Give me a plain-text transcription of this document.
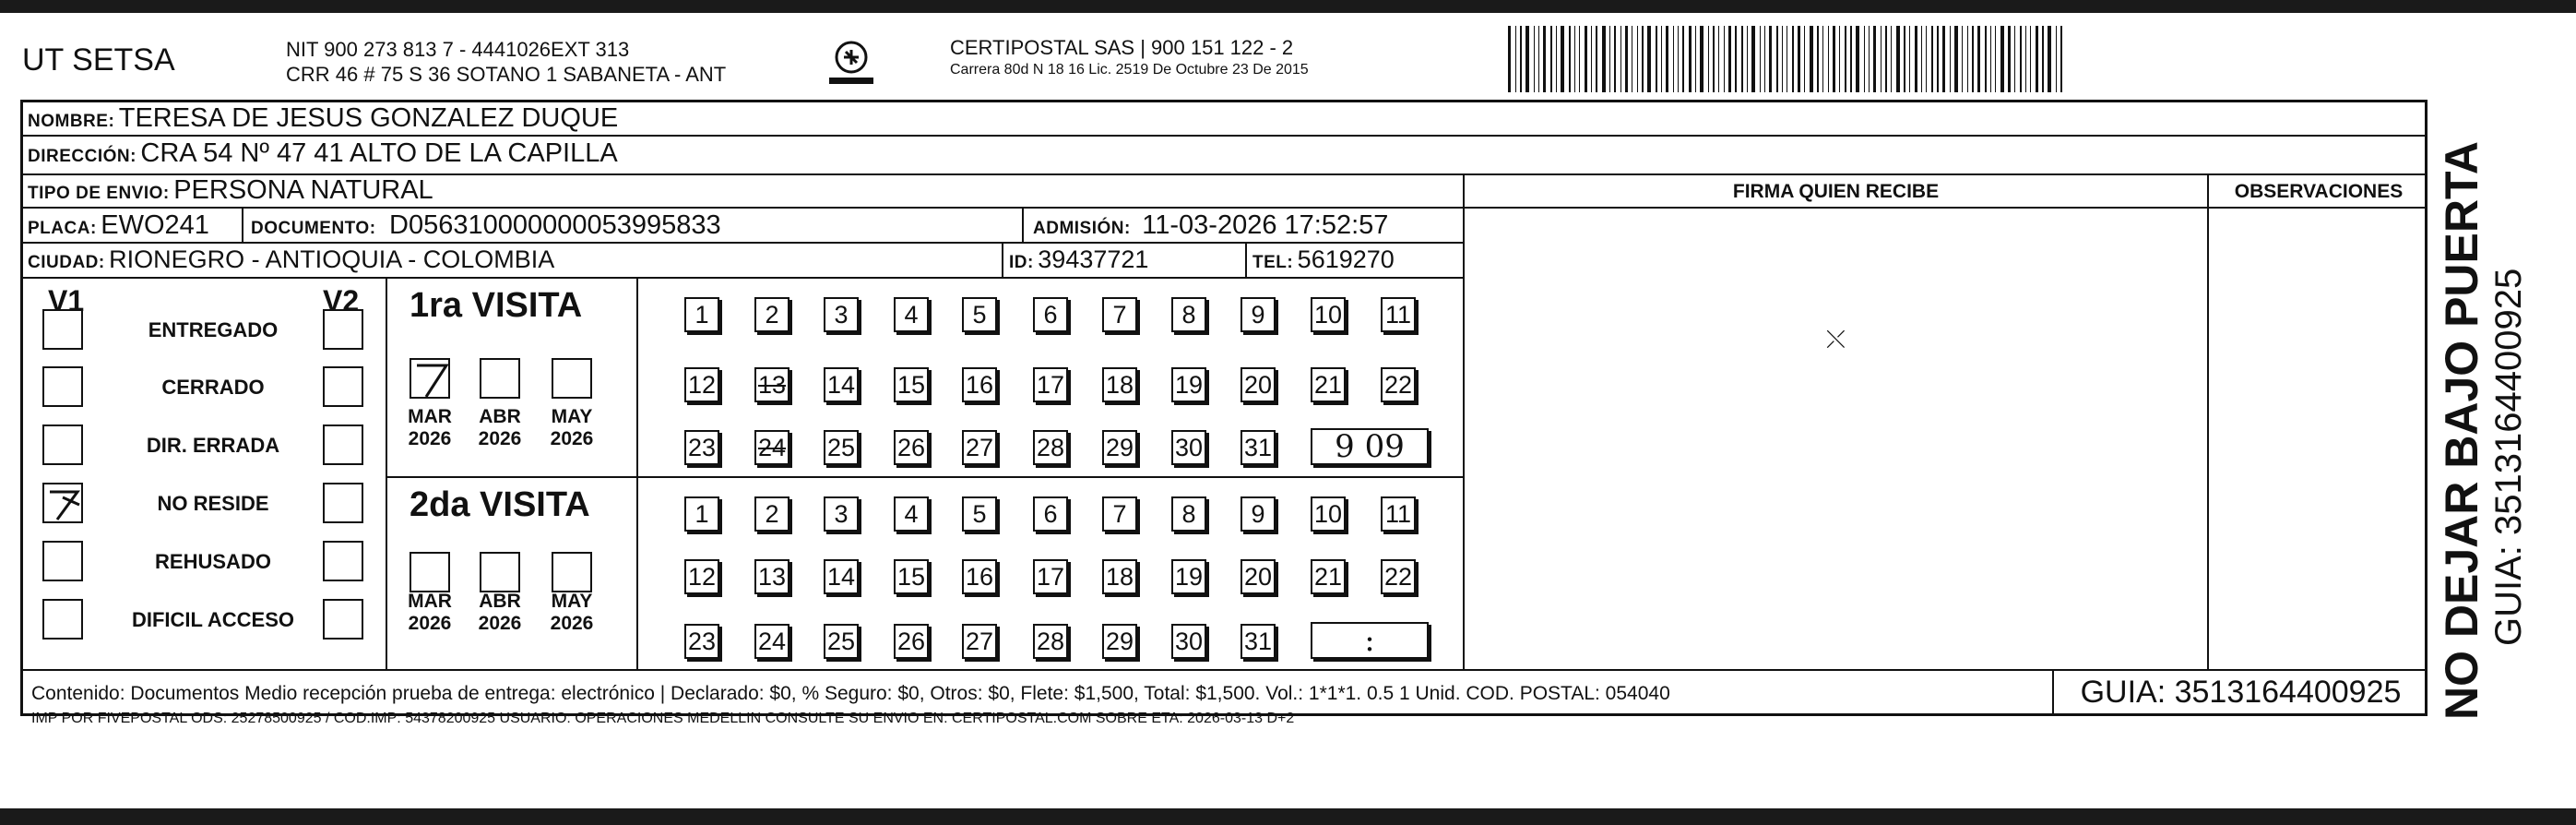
UT SETSA	NIT 900 273 813 7 - 4441026EXT 313
CRR 46 # 75 S 36 SOTANO 1 SABANETA - ANT
CERTIPOSTAL SAS | 900 151 122 - 2
Carrera 80d N 18 16 Lic. 2519 De Octubre 23 De 2015
NOMBRE: TERESA DE JESUS GONZALEZ DUQUE
DIRECCIÓN: CRA 54 Nº 47 41 ALTO DE LA CAPILLA
TIPO DE ENVIO: PERSONA NATURAL	FIRMA QUIEN RECIBE	OBSERVACIONES
PLACA: EWO241 DOCUMENTO: D056310000000053995833	ADMISIÓN: 11-03-2026 17:52:57
CIUDAD: RIONEGRO - ANTIOQUIA - COLOMBIA	ID: 39437721	TEL: 5619270
⤬
V1	V2
ENTREGADO
CERRADO
DIR. ERRADA
NO RESIDE
REHUSADO
DIFICIL ACCESO
1ra VISITA
MAR
2026
ABR
2026
MAY
2026
1	2	3	4	5	6	7	8	9	10 11
12 13 14 15 16 17 18 19 20 21 22
23 24 25 26 27 28 29 30 31	9 09
2da VISITA
MAR
2026
ABR
2026
MAY
2026
1	2	3	4	5	6	7	8	9	10 11
12 13 14 15 16 17 18 19 20 21 22
23 24 25 26 27 28 29 30 31	:
Contenido: Documentos Medio recepción prueba de entrega: electrónico | Declarado: $0, % Seguro: $0, Otros: $0, Flete: $1,500, Total: $1,500. Vol.: 1*1*1. 0.5 1 Unid. COD. POSTAL: 054040
IMP POR FIVEPOSTAL ODS: 25278500925 / COD.IMP: 54378200925 USUARIO: OPERACIONES MEDELLIN CONSULTE SU ENVIO EN: CERTIPOSTAL.COM SOBRE ETA: 2026-03-13 D+2
GUIA: 3513164400925 NO DEJAR BAJO PUERTA GUIA: 3513164400925
